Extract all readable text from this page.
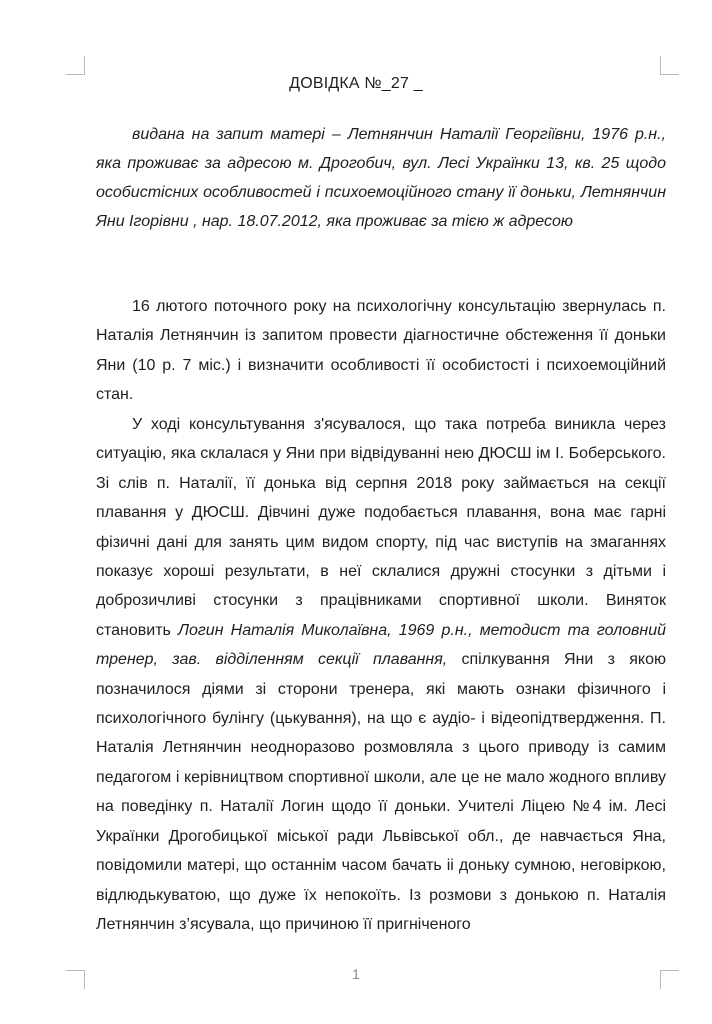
ДОВІДКА №_27 _
видана на запит матері – Летнянчин Наталії Георгіївни, 1976 р.н., яка проживає за адресою м. Дрогобич, вул. Лесі Українки 13, кв. 25 щодо особистісних особливостей і психоемоційного стану її доньки, Летнянчин Яни Ігорівни , нар. 18.07.2012, яка проживає за тією ж адресою

16 лютого поточного року на психологічну консультацію звернулась п. Наталія Летнянчин із запитом провести діагностичне обстеження її доньки Яни (10 р. 7 міс.) і визначити особливості її особистості і психоемоційний стан.

У ході консультування з'ясувалося, що така потреба виникла через ситуацію, яка склалася у Яни при відвідуванні нею ДЮСШ ім І. Боберського. Зі слів п. Наталії, її донька від серпня 2018 року займається на секції плавання у ДЮСШ. Дівчині дуже подобається плавання, вона має гарні фізичні дані для занять цим видом спорту, під час виступів на змаганнях показує хороші результати, в неї склалися дружні стосунки з дітьми і доброзичливі стосунки з працівниками спортивної школи. Виняток становить Логин Наталія Миколаївна, 1969 р.н., методист та головний тренер, зав. відділенням секції плавання, спілкування Яни з якою позначилося діями зі сторони тренера, які мають ознаки фізичного і психологічного булінгу (цькування), на що є аудіо- і відеопідтвердження. П. Наталія Летнянчин неодноразово розмовляла з цього приводу із самим педагогом і керівництвом спортивної школи, але це не мало жодного впливу на поведінку п. Наталії Логин щодо її доньки. Учителі Ліцею №4 ім. Лесі Українки Дрогобицької міської ради Львівської обл., де навчається Яна, повідомили матері, що останнім часом бачать іі доньку сумною, неговіркою, відлюдькуватою, що дуже їх непокоїть. Із розмови з донькою п. Наталія Летнянчин з’ясувала, що причиною її пригніченого

1
